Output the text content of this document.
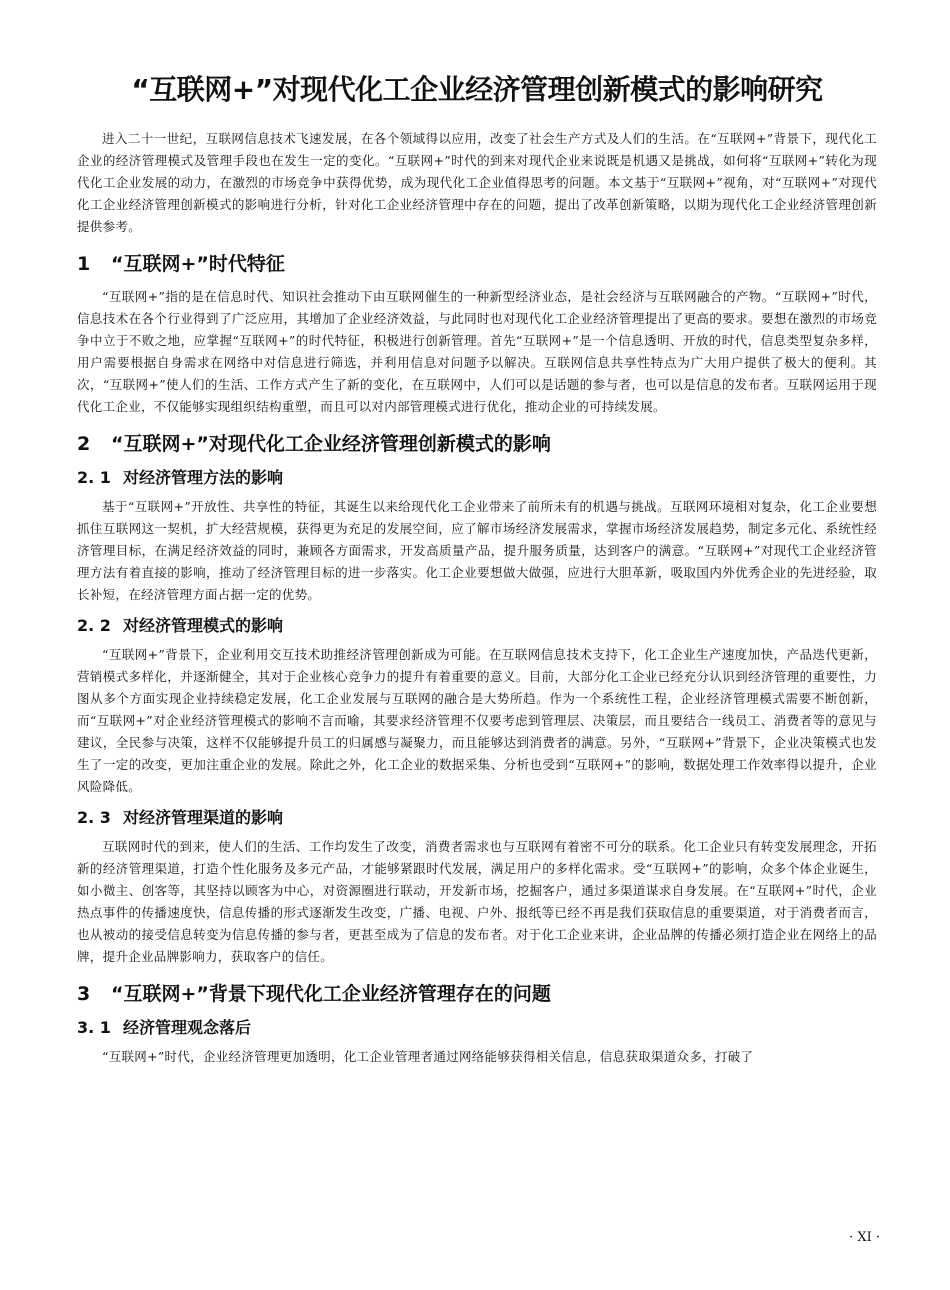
“互联网+”对现代化工企业经济管理创新模式的影响研究

进入二十一世纪，互联网信息技术飞速发展，在各个领域得以应用，改变了社会生产方式及人们的生活。在“互联网+”背景下，现代化工企业的经济管理模式及管理手段也在发生一定的变化。“互联网+”时代的到来对现代企业来说既是机遇又是挑战，如何将“互联网+”转化为现代化工企业发展的动力，在激烈的市场竞争中获得优势，成为现代化工企业值得思考的问题。本文基于“互联网+”视角，对“互联网+”对现代化工企业经济管理创新模式的影响进行分析，针对化工企业经济管理中存在的问题，提出了改革创新策略，以期为现代化工企业经济管理创新提供参考。

1 “互联网+”时代特征

“互联网+”指的是在信息时代、知识社会推动下由互联网催生的一种新型经济业态，是社会经济与互联网融合的产物。“互联网+”时代，信息技术在各个行业得到了广泛应用，其增加了企业经济效益，与此同时也对现代化工企业经济管理提出了更高的要求。要想在激烈的市场竞争中立于不败之地，应掌握“互联网+”的时代特征，积极进行创新管理。首先“互联网+”是一个信息透明、开放的时代，信息类型复杂多样，用户需要根据自身需求在网络中对信息进行筛选，并利用信息对问题予以解决。互联网信息共享性特点为广大用户提供了极大的便利。其次，“互联网+”使人们的生活、工作方式产生了新的变化，在互联网中，人们可以是话题的参与者，也可以是信息的发布者。互联网运用于现代化工企业，不仅能够实现组织结构重塑，而且可以对内部管理模式进行优化，推动企业的可持续发展。

2 “互联网+”对现代化工企业经济管理创新模式的影响
2. 1 对经济管理方法的影响

基于“互联网+”开放性、共享性的特征，其诞生以来给现代化工企业带来了前所未有的机遇与挑战。互联网环境相对复杂，化工企业要想抓住互联网这一契机，扩大经营规模，获得更为充足的发展空间，应了解市场经济发展需求，掌握市场经济发展趋势，制定多元化、系统性经济管理目标，在满足经济效益的同时，兼顾各方面需求，开发高质量产品，提升服务质量，达到客户的满意。“互联网+”对现代工企业经济管理方法有着直接的影响，推动了经济管理目标的进一步落实。化工企业要想做大做强，应进行大胆革新，吸取国内外优秀企业的先进经验，取长补短，在经济管理方面占据一定的优势。

2. 2 对经济管理模式的影响

“互联网+”背景下，企业利用交互技术助推经济管理创新成为可能。在互联网信息技术支持下，化工企业生产速度加快，产品迭代更新，营销模式多样化，并逐渐健全，其对于企业核心竞争力的提升有着重要的意义。目前，大部分化工企业已经充分认识到经济管理的重要性，力图从多个方面实现企业持续稳定发展，化工企业发展与互联网的融合是大势所趋。作为一个系统性工程，企业经济管理模式需要不断创新，而“互联网+”对企业经济管理模式的影响不言而喻，其要求经济管理不仅要考虑到管理层、决策层，而且要结合一线员工、消费者等的意见与建议，全民参与决策，这样不仅能够提升员工的归属感与凝聚力，而且能够达到消费者的满意。另外，“互联网+”背景下，企业决策模式也发生了一定的改变，更加注重企业的发展。除此之外，化工企业的数据采集、分析也受到“互联网+”的影响，数据处理工作效率得以提升，企业风险降低。

2. 3 对经济管理渠道的影响

互联网时代的到来，使人们的生活、工作均发生了改变，消费者需求也与互联网有着密不可分的联系。化工企业只有转变发展理念，开拓新的经济管理渠道，打造个性化服务及多元产品，才能够紧跟时代发展，满足用户的多样化需求。受“互联网+”的影响，众多个体企业诞生，如小微主、创客等，其坚持以顾客为中心，对资源圈进行联动，开发新市场，挖掘客户，通过多渠道谋求自身发展。在“互联网+”时代，企业热点事件的传播速度快，信息传播的形式逐渐发生改变，广播、电视、户外、报纸等已经不再是我们获取信息的重要渠道，对于消费者而言，也从被动的接受信息转变为信息传播的参与者，更甚至成为了信息的发布者。对于化工企业来讲，企业品牌的传播必须打造企业在网络上的品牌，提升企业品牌影响力，获取客户的信任。

3 “互联网+”背景下现代化工企业经济管理存在的问题
3. 1 经济管理观念落后

“互联网+”时代，企业经济管理更加透明，化工企业管理者通过网络能够获得相关信息，信息获取渠道众多，打破了

· XI ·
